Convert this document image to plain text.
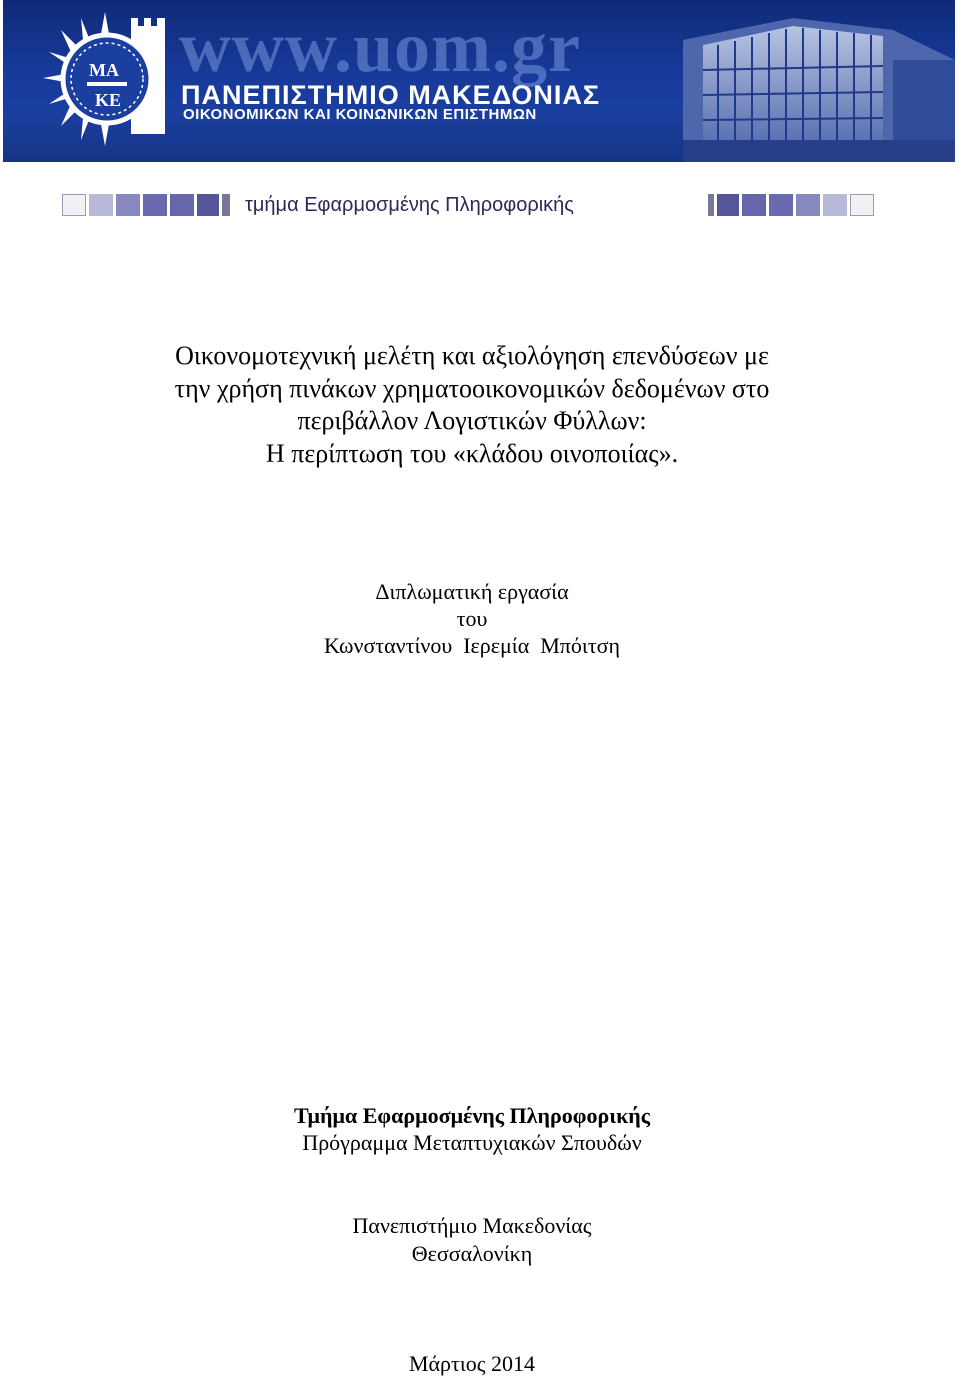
www.uom.gr
ΜΑ
ΚΕ ΠΑΝΕΠΙΣΤΗΜΙΟ ΜΑΚΕΔΟΝΙΑΣ
ΟΙΚΟΝΟΜΙΚΩΝ ΚΑΙ ΚΟΙΝΩΝΙΚΩΝ ΕΠΙΣΤΗΜΩΝ
τμήμα Εφαρμοσμένης Πληροφορικής
Οικονομοτεχνική μελέτη και αξιολόγηση επενδύσεων με
την χρήση πινάκων χρηματοοικονομικών δεδομένων στο
περιβάλλον Λογιστικών Φύλλων:
Η περίπτωση του «κλάδου οινοποιίας».
Διπλωματική εργασία
του
Κωνσταντίνου  Ιερεμία  Μπόιτση
Τμήμα Εφαρμοσμένης Πληροφορικής
Πρόγραμμα Μεταπτυχιακών Σπουδών
Πανεπιστήμιο Μακεδονίας
Θεσσαλονίκη
Μάρτιος 2014
